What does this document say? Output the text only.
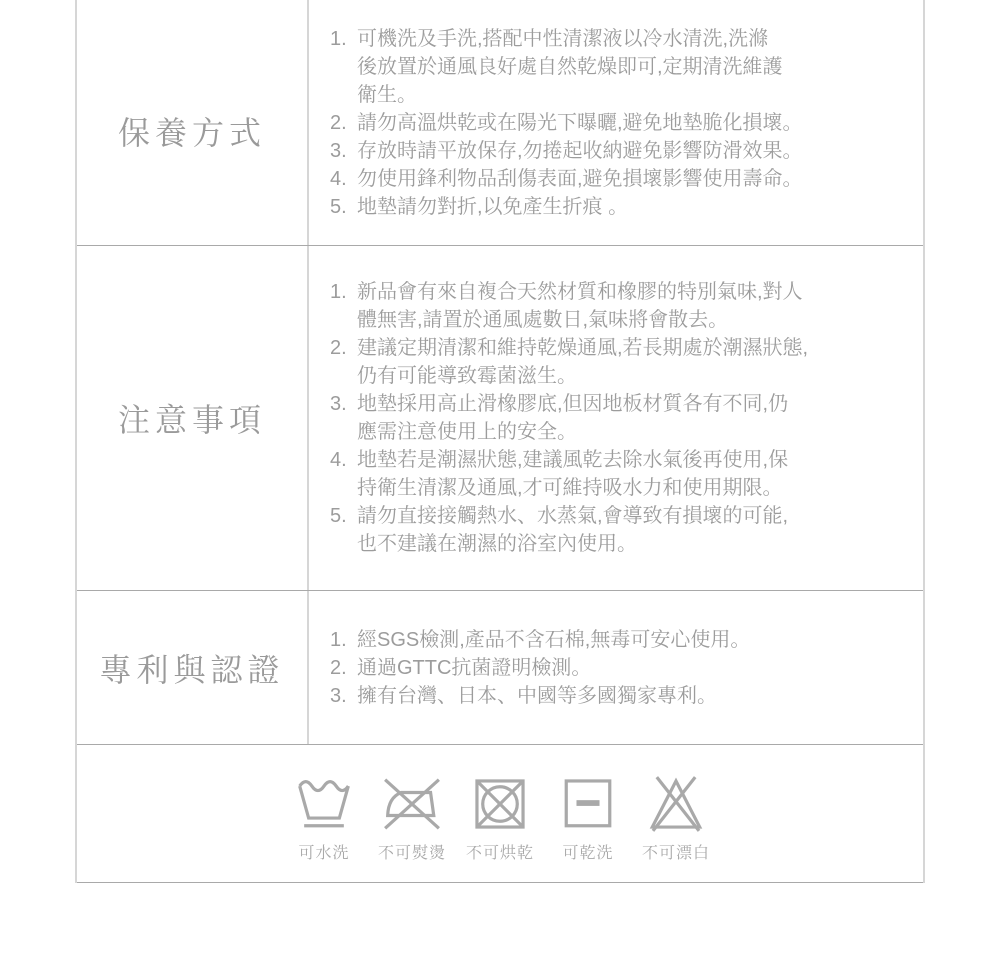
保養方式
1. 可機洗及手洗,搭配中性清潔液以冷水清洗,洗滌
後放置於通風良好處自然乾燥即可,定期清洗維護
衛生。
2. 請勿高溫烘乾或在陽光下曝曬,避免地墊脆化損壞。
3. 存放時請平放保存,勿捲起收納避免影響防滑效果。
4. 勿使用鋒利物品刮傷表面,避免損壞影響使用壽命。
5. 地墊請勿對折,以免產生折痕 。
注意事項
1. 新品會有來自複合天然材質和橡膠的特別氣味,對人
體無害,請置於通風處數日,氣味將會散去。
2. 建議定期清潔和維持乾燥通風,若長期處於潮濕狀態,
仍有可能導致霉菌滋生。
3. 地墊採用高止滑橡膠底,但因地板材質各有不同,仍
應需注意使用上的安全。
4. 地墊若是潮濕狀態,建議風乾去除水氣後再使用,保
持衛生清潔及通風,才可維持吸水力和使用期限。
5. 請勿直接接觸熱水、水蒸氣,會導致有損壞的可能,
也不建議在潮濕的浴室內使用。
專利與認證
1. 經SGS檢測,產品不含石棉,無毒可安心使用。
2. 通過GTTC抗菌證明檢測。
3. 擁有台灣、日本、中國等多國獨家專利。
可水洗 不可熨燙 不可烘乾 可乾洗 不可漂白
